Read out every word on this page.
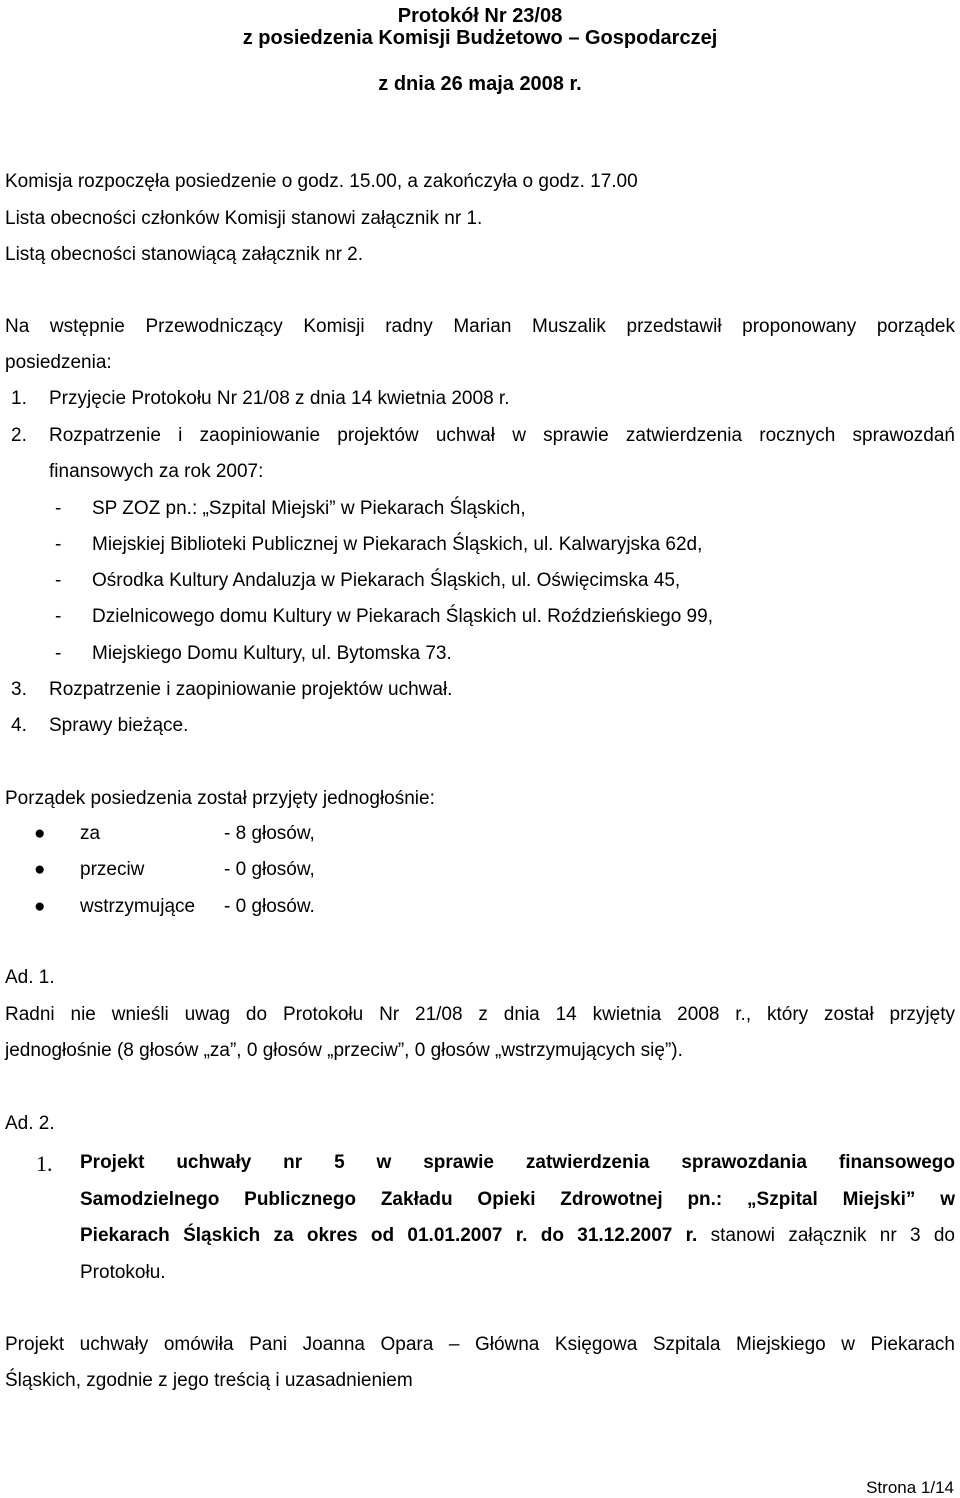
Protokół Nr 23/08
z posiedzenia Komisji Budżetowo – Gospodarczej
z dnia 26 maja 2008 r.
Komisja rozpoczęła posiedzenie o godz. 15.00, a zakończyła o godz. 17.00
Lista obecności członków Komisji stanowi załącznik nr 1.
Listą obecności stanowiącą załącznik nr 2.
Na wstępnie Przewodniczący Komisji radny Marian Muszalik przedstawił proponowany porządek
posiedzenia:
1.	Przyjęcie Protokołu Nr 21/08 z dnia 14 kwietnia 2008 r.
2.	Rozpatrzenie i zaopiniowanie projektów uchwał w sprawie zatwierdzenia rocznych sprawozdań
finansowych za rok 2007:
- SP ZOZ pn.: „Szpital Miejski” w Piekarach Śląskich,
- Miejskiej Biblioteki Publicznej w Piekarach Śląskich, ul. Kalwaryjska 62d,
- Ośrodka Kultury Andaluzja w Piekarach Śląskich, ul. Oświęcimska 45,
- Dzielnicowego domu Kultury w Piekarach Śląskich ul. Roździeńskiego 99,
- Miejskiego Domu Kultury, ul. Bytomska 73.
3.	Rozpatrzenie i zaopiniowanie projektów uchwał.
4.	Sprawy bieżące.
Porządek posiedzenia został przyjęty jednogłośnie:
● za	- 8 głosów,
● przeciw	- 0 głosów,
● wstrzymujące - 0 głosów.
Ad. 1.
Radni nie wnieśli uwag do Protokołu Nr 21/08 z dnia 14 kwietnia 2008 r., który został przyjęty
jednogłośnie (8 głosów „za”, 0 głosów „przeciw”, 0 głosów „wstrzymujących się”).
Ad. 2.
1. Projekt uchwały nr 5 w sprawie zatwierdzenia sprawozdania finansowego
Samodzielnego Publicznego Zakładu Opieki Zdrowotnej pn.: „Szpital Miejski” w
Piekarach Śląskich za okres od 01.01.2007 r. do 31.12.2007 r. stanowi załącznik nr 3 do
Protokołu.
Projekt uchwały omówiła Pani Joanna Opara – Główna Księgowa Szpitala Miejskiego w Piekarach
Śląskich, zgodnie z jego treścią i uzasadnieniem
Strona 1/14
